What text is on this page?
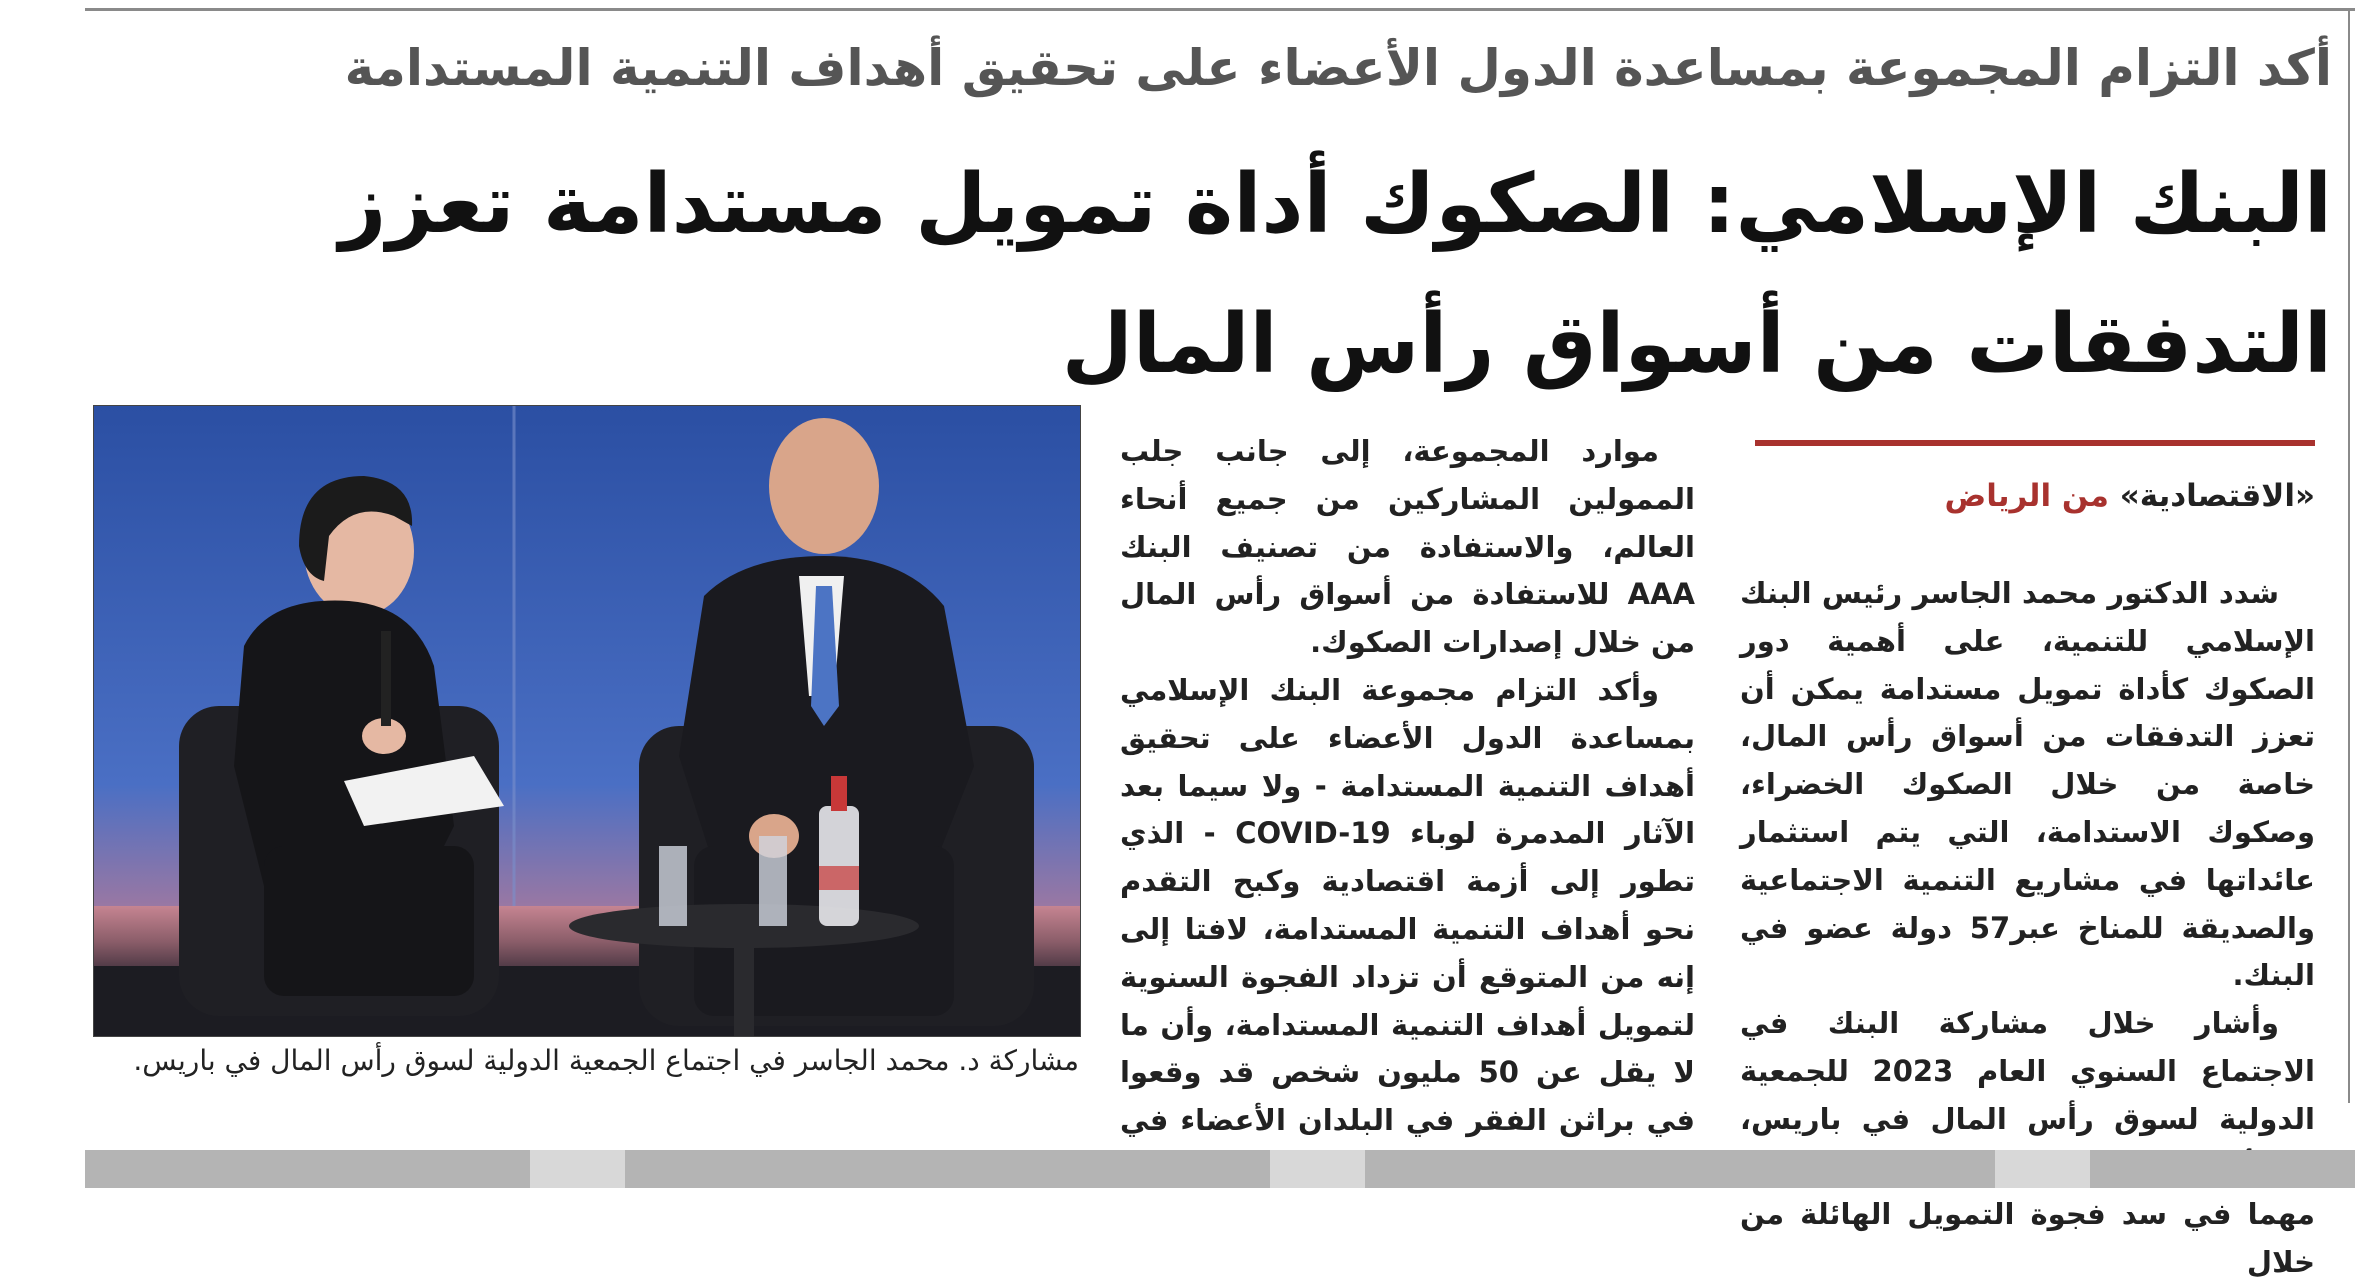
أكد التزام المجموعة بمساعدة الدول الأعضاء على تحقيق أهداف التنمية المستدامة
البنك الإسلامي: الصكوك أداة تمويل مستدامة تعزز التدفقات من أسواق رأس المال
مشاركة د. محمد الجاسر في اجتماع الجمعية الدولية لسوق رأس المال في باريس.

موارد المجموعة، إلى جانب جلب الممولين المشاركين من جميع أنحاء العالم، والاستفادة من تصنيف البنك AAA للاستفادة من أسواق رأس المال من خلال إصدارات الصكوك.

وأكد التزام مجموعة البنك الإسلامي بمساعدة الدول الأعضاء على تحقيق أهداف التنمية المستدامة - ولا سيما بعد الآثار المدمرة لوباء COVID-19 - الذي تطور إلى أزمة اقتصادية وكبح التقدم نحو أهداف التنمية المستدامة، لافتا إلى إنه من المتوقع أن تزداد الفجوة السنوية لتمويل أهداف التنمية المستدامة، وأن ما لا يقل عن 50 مليون شخص قد وقعوا في براثن الفقر في البلدان الأعضاء في

«الاقتصادية» من الرياض

شدد الدكتور محمد الجاسر رئيس البنك الإسلامي للتنمية، على أهمية دور الصكوك كأداة تمويل مستدامة يمكن أن تعزز التدفقات من أسواق رأس المال، خاصة من خلال الصكوك الخضراء، وصكوك الاستدامة، التي يتم استثمار عائداتها في مشاريع التنمية الاجتماعية والصديقة للمناخ عبر57 دولة عضو في البنك.

وأشار خلال مشاركة البنك في الاجتماع السنوي العام 2023 للجمعية الدولية لسوق رأس المال في باريس، مهما في سد فجوة التمويل الهائلة من خلال
